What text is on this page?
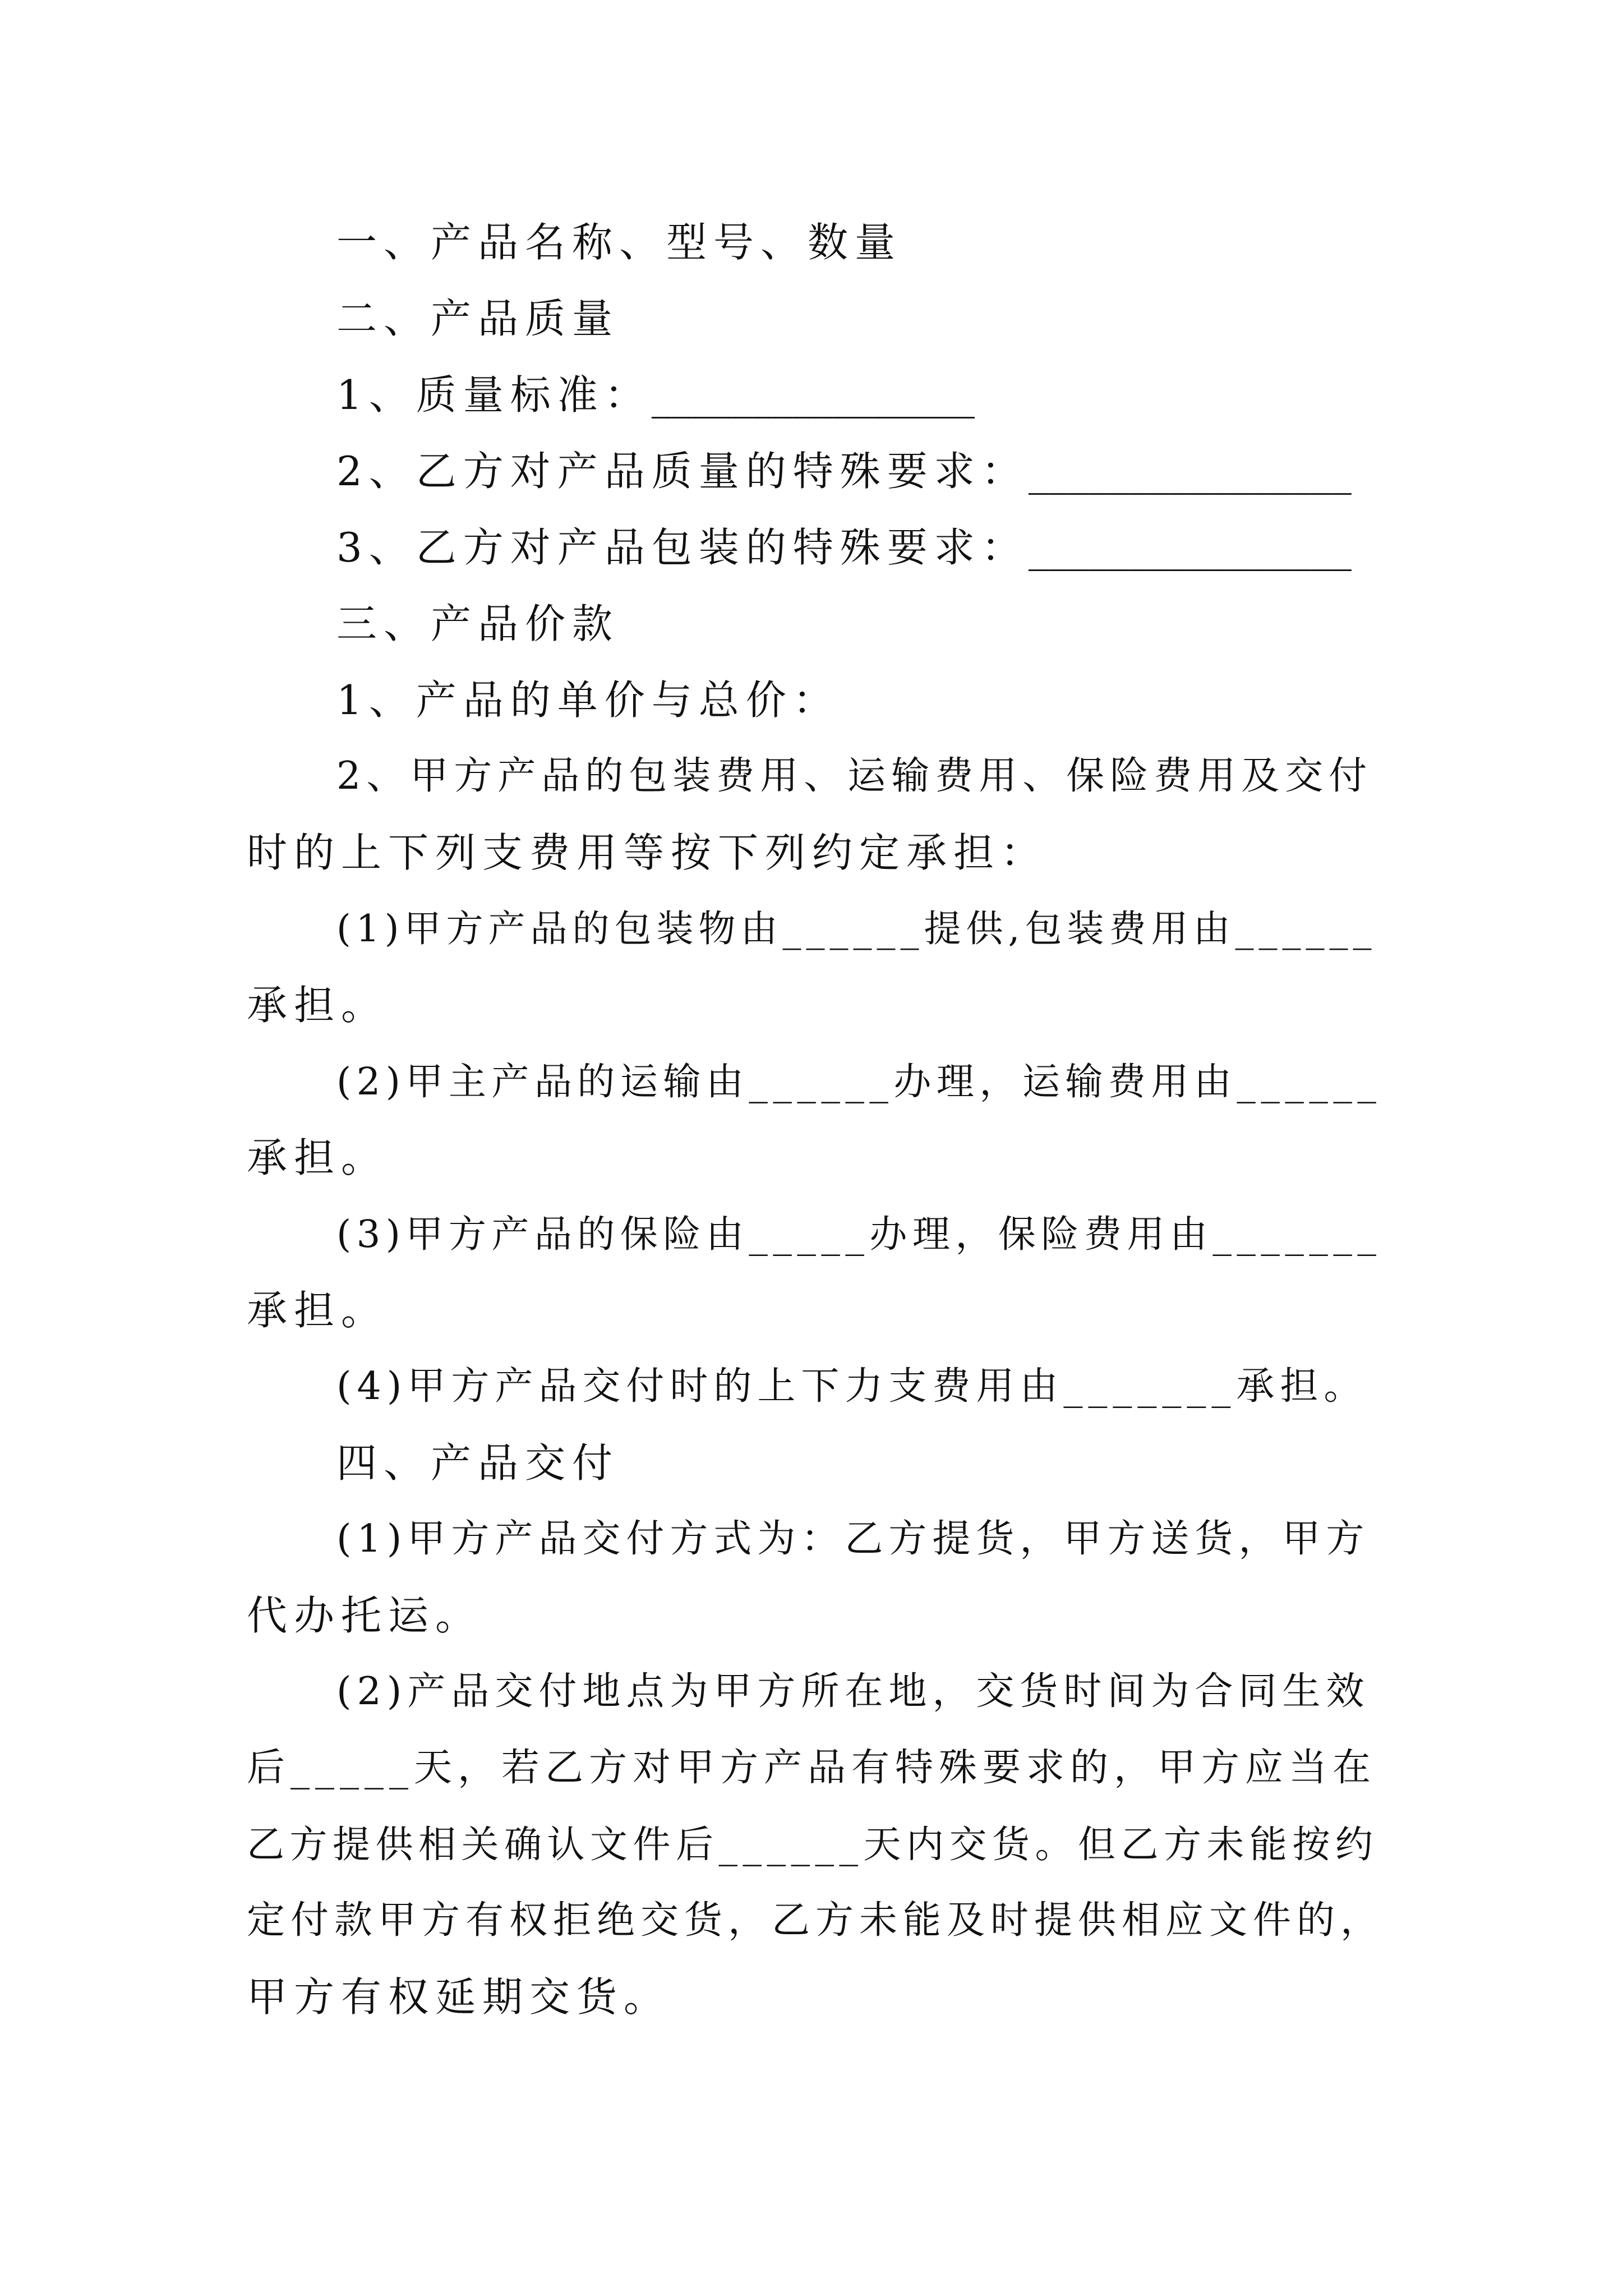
一、产品名称、型号、数量
二、产品质量
1、质量标准：________________
2、乙方对产品质量的特殊要求：________________
3、乙方对产品包装的特殊要求：________________
三、产品价款
1、产品的单价与总价：
2、甲方产品的包装费用、运输费用、保险费用及交付
时的上下列支费用等按下列约定承担：
(1)甲方产品的包装物由______提供,包装费用由______
承担。
(2)甲主产品的运输由______办理，运输费用由______
承担。
(3)甲方产品的保险由_____办理，保险费用由_______
承担。
(4)甲方产品交付时的上下力支费用由_______承担。
四、产品交付
(1)甲方产品交付方式为：乙方提货，甲方送货，甲方
代办托运。
(2)产品交付地点为甲方所在地，交货时间为合同生效
后_____天，若乙方对甲方产品有特殊要求的，甲方应当在
乙方提供相关确认文件后______天内交货。但乙方未能按约
定付款甲方有权拒绝交货，乙方未能及时提供相应文件的，
甲方有权延期交货。
